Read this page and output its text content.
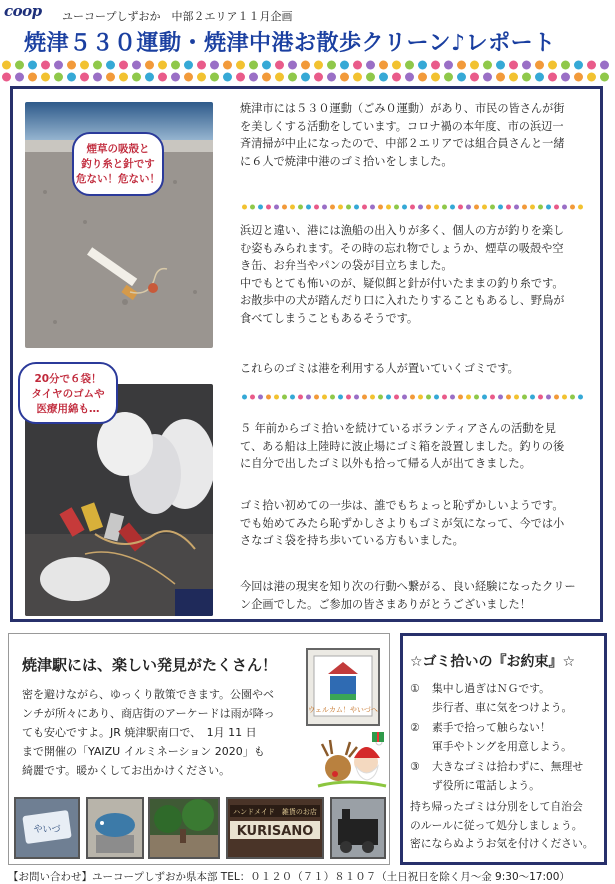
coop ユーコープしずおか　中部２エリア１１月企画
焼津５３０運動・焼津中港お散歩クリーン♪レポート
煙草の吸殻と
釣り糸と針です
危ない！危ない！
20分で６袋！
タイヤのゴムや
医療用綿も…
焼津市には５３０運動（ごみ０運動）があり、市民の皆さんが街
を美しくする活動をしています。コロナ禍の本年度、市の浜辺一
斉清掃が中止になったので、中部２エリアでは組合員さんと一緒
に６人で焼津中港のゴミ拾いをしました。
浜辺と違い、港には漁船の出入りが多く、個人の方が釣りを楽し
む姿もみられます。その時の忘れ物でしょうか、煙草の吸殻や空
き缶、お弁当やパンの袋が目立ちました。
中でもとても怖いのが、疑似餌と針が付いたままの釣り糸です。
お散歩中の犬が踏んだり口に入れたりすることもあるし、野鳥が
食べてしまうこともあるそうです。
これらのゴミは港を利用する人が置いていくゴミです。
５ 年前からゴミ拾いを続けているボランティアさんの活動を見
て、ある船は上陸時に波止場にゴミ箱を設置しました。釣りの後
に自分で出したゴミ以外も拾って帰る人が出てきました。
ゴミ拾い初めての一歩は、誰でもちょっと恥ずかしいようです。
でも始めてみたら恥ずかしさよりもゴミが気になって、今では小
さなゴミ袋を持ち歩いている方もいました。
今回は港の現実を知り次の行動へ繋がる、良い経験になったクリー
ン企画でした。ご参加の皆さまありがとうございました！
焼津駅には、楽しい発見がたくさん！
密を避けながら、ゆっくり散策できます。公園やベ
ンチが所々にあり、商店街のアーケードは雨が降っ
ても安心ですよ。JR 焼津駅南口で、　1月 11 日
まで開催の「YAIZU イルミネーション 2020」も
綺麗です。暖かくしてお出かけください。
ウェルカム！やいづへ
やいづ
ハンドメイド　雑貨のお店
KURISANO
☆ゴミ拾いの『お約束』☆
① 集中し過ぎはＮＧです。
歩行者、車に気をつけよう。
② 素手で拾って触らない！
軍手やトングを用意しよう。
③ 大きなゴミは拾わずに、無理せ
ず役所に電話しよう。
持ち帰ったゴミは分別をして自治会
のルールに従って処分しましょう。
密にならぬようお気を付けください。
【お問い合わせ】ユーコープしずおか県本部 TEL：０１２０（７１）８１０７（土日祝日を除く月～金 9:30～17:00）
